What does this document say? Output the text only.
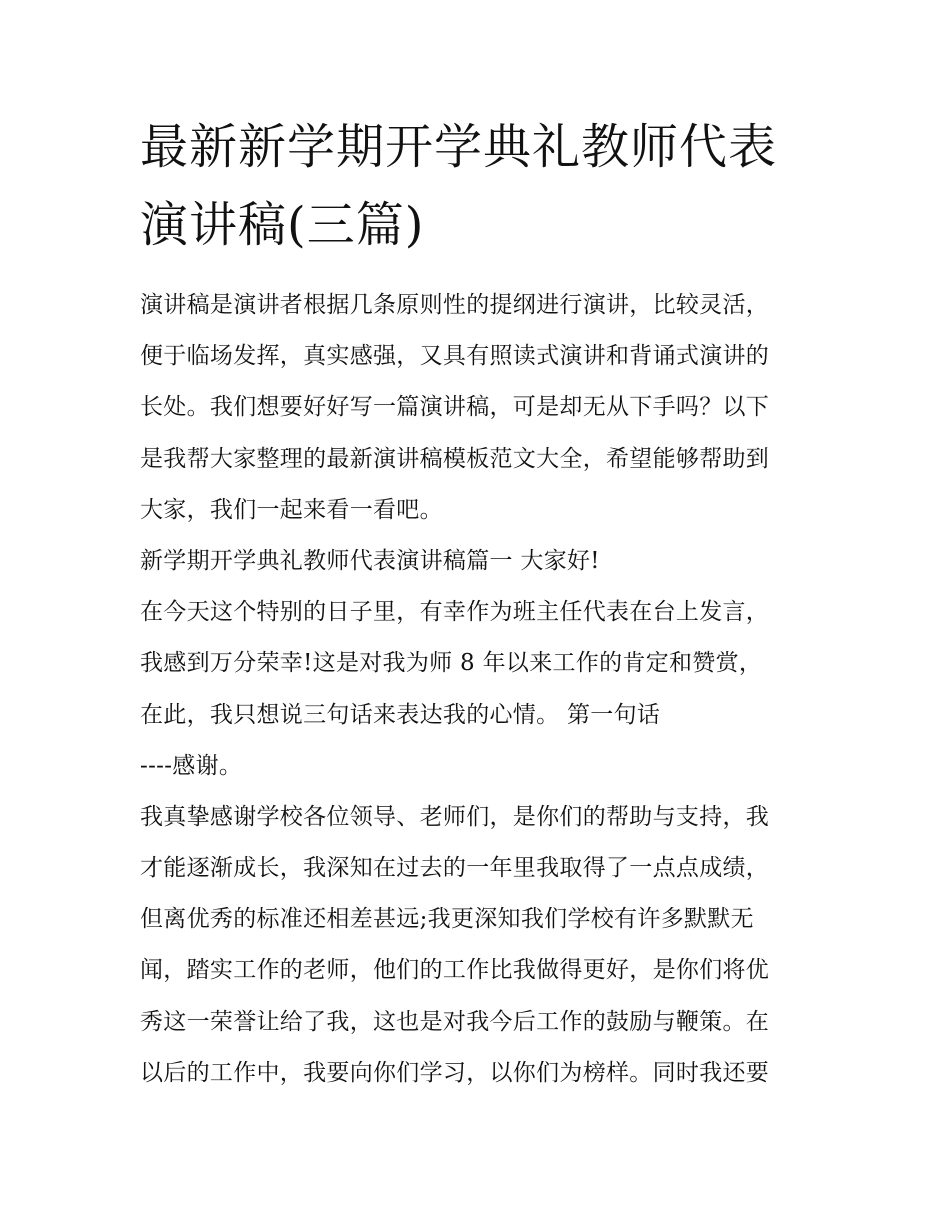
最新新学期开学典礼教师代表
演讲稿(三篇)
演讲稿是演讲者根据几条原则性的提纲进行演讲，比较灵活，
便于临场发挥，真实感强，又具有照读式演讲和背诵式演讲的
长处。我们想要好好写一篇演讲稿，可是却无从下手吗？以下
是我帮大家整理的最新演讲稿模板范文大全，希望能够帮助到
大家，我们一起来看一看吧。
新学期开学典礼教师代表演讲稿篇一 大家好!
在今天这个特别的日子里，有幸作为班主任代表在台上发言，
我感到万分荣幸!这是对我为师 8 年以来工作的肯定和赞赏，
在此，我只想说三句话来表达我的心情。 第一句话
----感谢。
我真挚感谢学校各位领导、老师们，是你们的帮助与支持，我
才能逐渐成长，我深知在过去的一年里我取得了一点点成绩，
但离优秀的标准还相差甚远;我更深知我们学校有许多默默无
闻，踏实工作的老师，他们的工作比我做得更好，是你们将优
秀这一荣誉让给了我，这也是对我今后工作的鼓励与鞭策。在
以后的工作中，我要向你们学习，以你们为榜样。同时我还要
